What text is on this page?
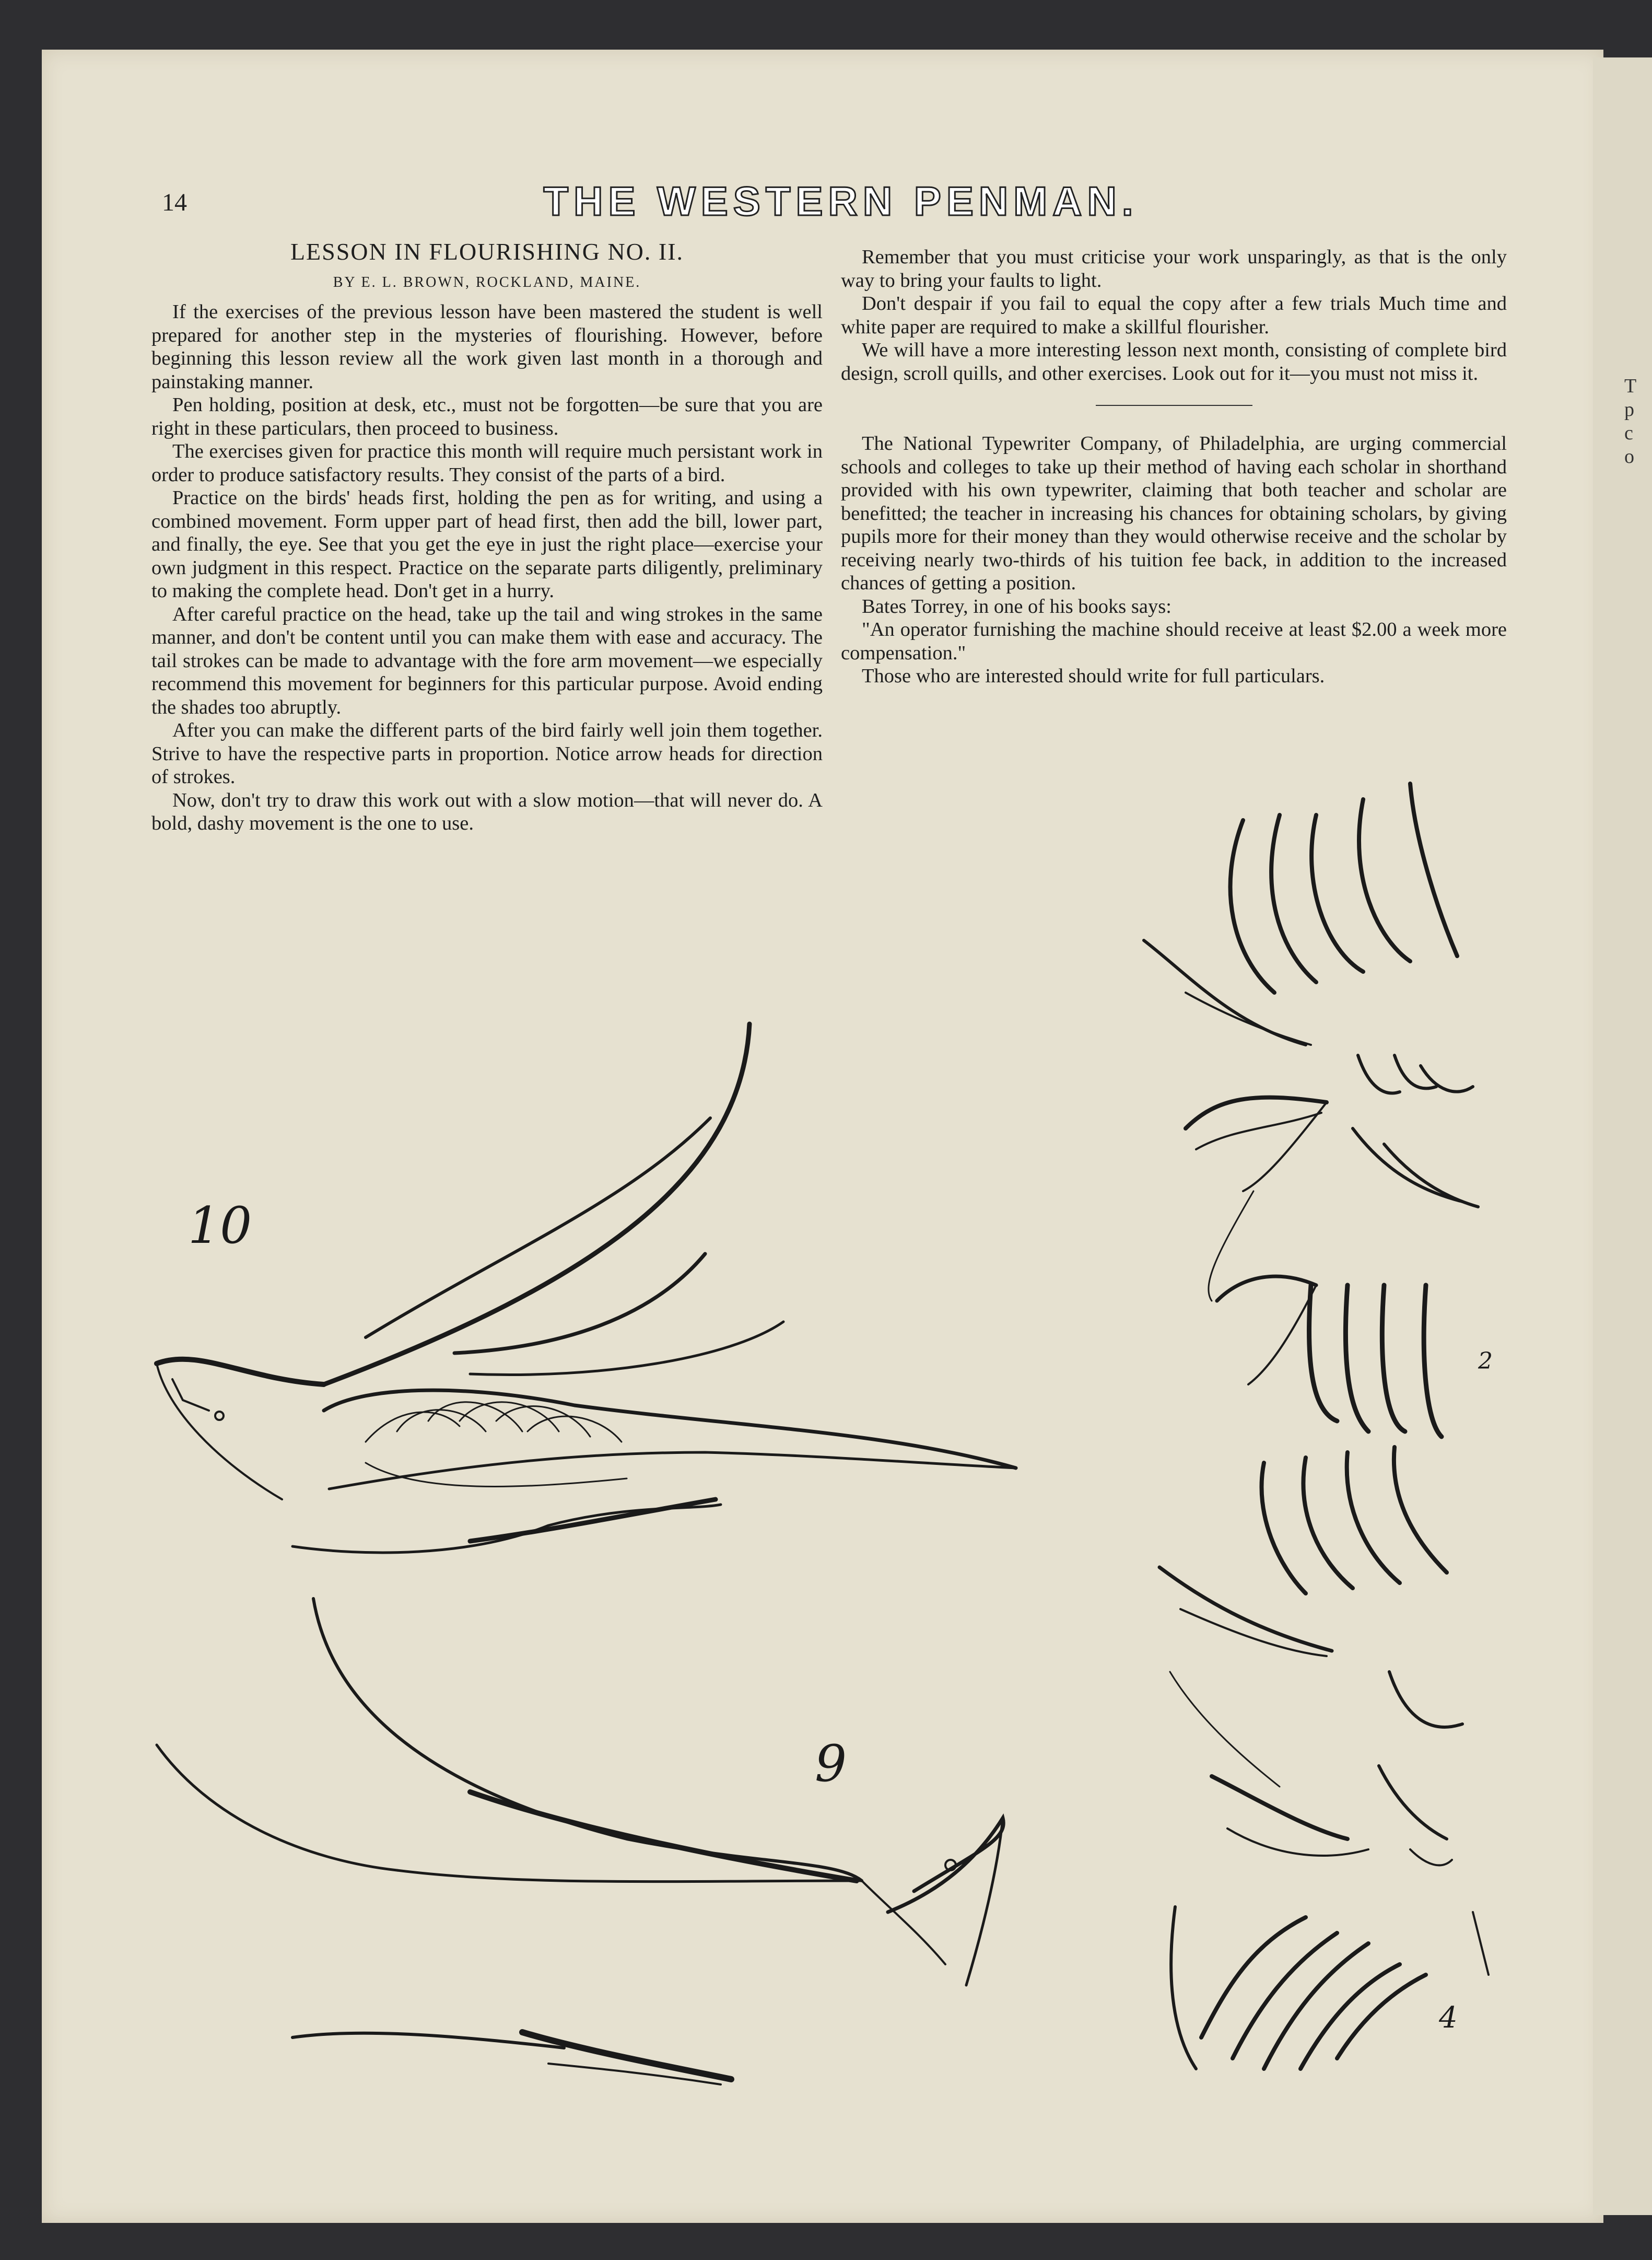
T
p
c
o
14	THE WESTERN PENMAN.
LESSON IN FLOURISHING NO. II.
BY E. L. BROWN, ROCKLAND, MAINE.

If the exercises of the previous lesson have been mastered the student is well prepared for another step in the mysteries of flourishing. However, before beginning this lesson review all the work given last month in a thorough and painstaking manner.

Pen holding, position at desk, etc., must not be forgotten—be sure that you are right in these particulars, then proceed to business.

The exercises given for practice this month will require much persistant work in order to produce satisfactory results. They consist of the parts of a bird.

Practice on the birds' heads first, holding the pen as for writing, and using a combined movement. Form upper part of head first, then add the bill, lower part, and finally, the eye. See that you get the eye in just the right place—exercise your own judgment in this respect. Practice on the separate parts diligently, preliminary to making the complete head. Don't get in a hurry.

After careful practice on the head, take up the tail and wing strokes in the same manner, and don't be content until you can make them with ease and accuracy. The tail strokes can be made to advantage with the fore arm movement—we especially recommend this movement for beginners for this particular purpose. Avoid ending the shades too abruptly.

After you can make the different parts of the bird fairly well join them together. Strive to have the respective parts in proportion. Notice arrow heads for direction of strokes.

Now, don't try to draw this work out with a slow motion—that will never do. A bold, dashy movement is the one to use.

Remember that you must criticise your work unsparingly, as that is the only way to bring your faults to light.

Don't despair if you fail to equal the copy after a few trials Much time and white paper are required to make a skillful flourisher.

We will have a more interesting lesson next month, consisting of complete bird design, scroll quills, and other exercises. Look out for it—you must not miss it.

The National Typewriter Company, of Philadelphia, are urging commercial schools and colleges to take up their method of having each scholar in shorthand provided with his own typewriter, claiming that both teacher and scholar are benefitted; the teacher in increasing his chances for obtaining scholars, by giving pupils more for their money than they would otherwise receive and the scholar by receiving nearly two-thirds of his tuition fee back, in addition to the increased chances of getting a position.

Bates Torrey, in one of his books says:

"An operator furnishing the machine should receive at least $2.00 a week more compensation."

Those who are interested should write for full particulars.

10
9
2
4
